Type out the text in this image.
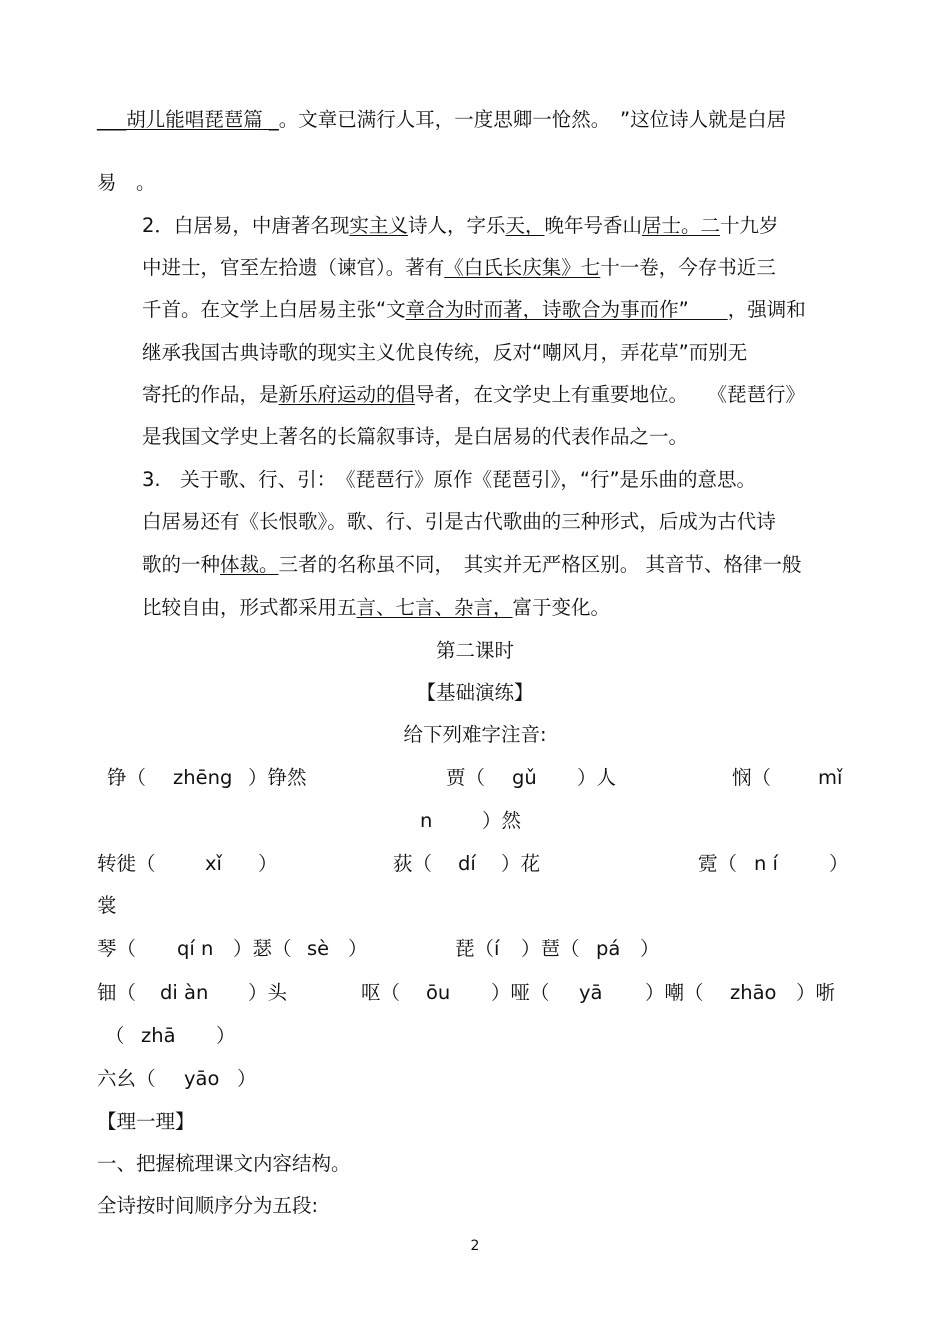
___胡儿能唱琵琶篇 _。文章已满行人耳，一度思卿一怆然。　”这位诗人就是白居
易　。
2．白居易，中唐著名现实主义诗人，字乐天，晚年号香山居士。二十九岁
中进士，官至左拾遗（谏官）。著有《白氏长庆集》七十一卷，今存书近三
千首。在文学上白居易主张“文章合为时而著，诗歌合为事而作”　　，强调和
继承我国古典诗歌的现实主义优良传统，反对“嘲风月，弄花草”而别无
寄托的作品，是新乐府运动的倡导者，在文学史上有重要地位。　　《琵琶行》
是我国文学史上著名的长篇叙事诗，是白居易的代表作品之一。
3.　关于歌、行、引：　《琵琶行》原作《琵琶引》，“行”是乐曲的意思。
白居易还有《长恨歌》。歌、行、引是古代歌曲的三种形式，后成为古代诗
歌的一种体裁。三者的名称虽不同，　其实并无严格区别。 其音节、格律一般
比较自由，形式都采用五言、七言、杂言，富于变化。
第二课时
【基础演练】
给下列难字注音:
铮（ zhēng ）铮然	贾（ gǔ ）人	悯（ mǐ
n	）然
转徙（	xǐ ）	荻（ dí ）花	霓（ n í	）
裳
琴（ qí n ）瑟（ sè ）	琵（í ）琶（ pá ）
钿（ di àn ）头	呕（ ōu ）哑（ yā ）嘲（ zhāo ）哳
（ zhā ）
六幺（ yāo ）
【理一理】
一、把握梳理课文内容结构。
全诗按时间顺序分为五段:
2
